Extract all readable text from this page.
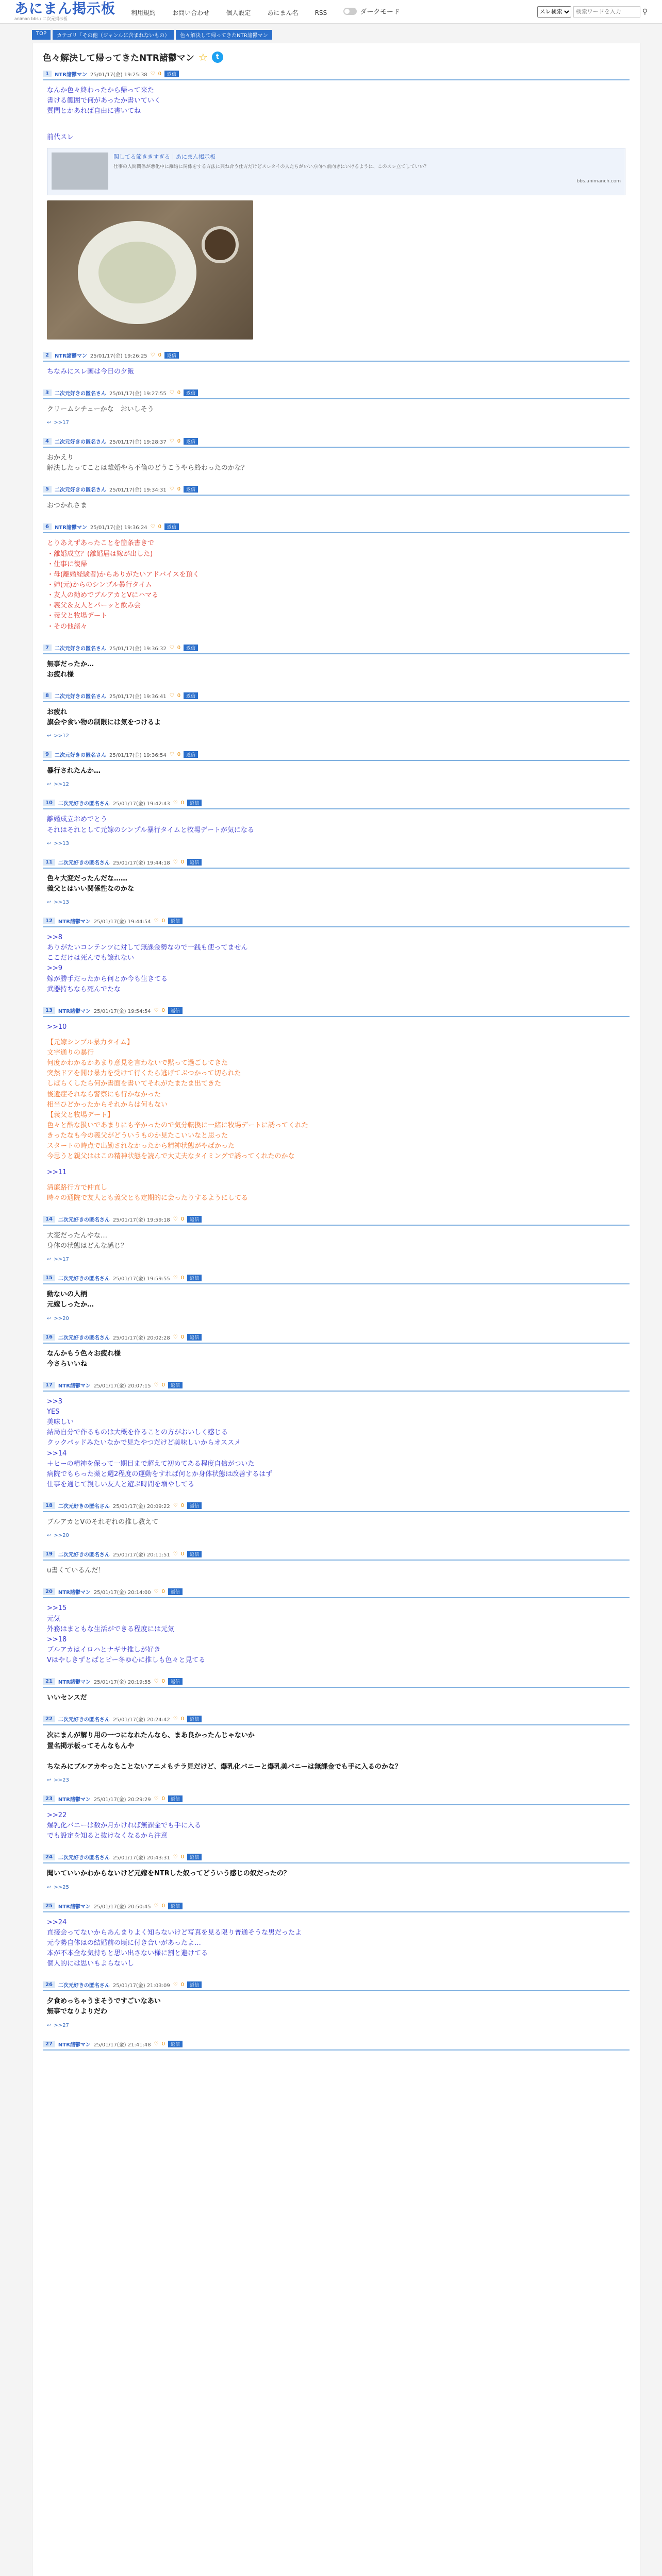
あにまん掲示板
animan bbs / 二次元掲示板
利用規約	お問い合わせ	個人設定	あにまん名	RSS	ダークモード
スレ検索
検索ワードを入力	⚲
TOP	カテゴリ「その他（ジャンルに含まれないもの）	色々解決して帰ってきたNTR諸鬱マン
色々解決して帰ってきたNTR諸鬱マン ☆	t
1	NTR諸鬱マン 25/01/17(金) 19:25:38 ♡ 0	返信
なんか色々終わったから帰って来た
書ける範囲で何があったか書いていく
質問とかあれば自由に書いてね

前代スレ
関してる節ききすぎる｜あにまん掲示板
仕事の人間関係が悪化中に離婚に関係をする方法に兼ね合う仕方だけどスレタイの人たちがいい方向へ前向きにいけるように、このスレ立てしていい？
bbs.animanch.com
2	NTR諸鬱マン 25/01/17(金) 19:26:25 ♡ 0	返信
ちなみにスレ画は今日の夕飯
3	二次元好きの匿名さん 25/01/17(金) 19:27:55 ♡ 0	返信
クリームシチューかな　おいしそう
↩ >>17
4	二次元好きの匿名さん 25/01/17(金) 19:28:37 ♡ 0	返信
おかえり
解決したってことは離婚やら不倫のどうこうやら終わったのかな？
5	二次元好きの匿名さん 25/01/17(金) 19:34:31 ♡ 0	返信
おつかれさま
6	NTR諸鬱マン 25/01/17(金) 19:36:24 ♡ 0	返信
とりあえずあったことを箇条書きで
・離婚成立？(離婚届は嫁が出した)
・仕事に復帰
・母(離婚経験者)からありがたいアドバイスを頂く
・姉(元)からのシンプル暴行タイム
・友人の勧めでブルアカとVにハマる
・義父＆友人とパーッと飲み会
・義父と牧場デート
・その他諸々
7	二次元好きの匿名さん 25/01/17(金) 19:36:32 ♡ 0	返信
無事だったか…
お疲れ様
8	二次元好きの匿名さん 25/01/17(金) 19:36:41 ♡ 0	返信
お疲れ
旗会や食い物の制限には気をつけるよ
↩ >>12
9	二次元好きの匿名さん 25/01/17(金) 19:36:54 ♡ 0	返信
暴行されたんか…
↩ >>12
10	二次元好きの匿名さん 25/01/17(金) 19:42:43 ♡ 0	返信
離婚成立おめでとう
それはそれとして元嫁のシンプル暴行タイムと牧場デートが気になる
↩ >>13
11	二次元好きの匿名さん 25/01/17(金) 19:44:18 ♡ 0	返信
色々大変だったんだな……
義父とはいい関係性なのかな
↩ >>13
12	NTR諸鬱マン 25/01/17(金) 19:44:54 ♡ 0	返信
>>8
ありがたいコンテンツに対して無課金勢なので一銭も使ってません
ここだけは死んでも譲れない
>>9
嫁が勝手だったから何とか今も生きてる
武器持ちなら死んでたな
13	NTR諸鬱マン 25/01/17(金) 19:54:54 ♡ 0	返信
>>10
【元嫁シンプル暴力タイム】
文字通りの暴行
何度かわかるかあまり意見を言わないで黙って過ごしてきた
突然ドアを開け暴力を受けて行くたら逃げてぶつかって切られた
しばらくしたら何か書面を書いてそれがたまたま出てきた
後遺症それなら警察にも行かなかった
相当ひどかったからそれからは何もない
【義父と牧場デート】
色々と酷な扱いであまりにも辛かったので気分転換に一緒に牧場デートに誘ってくれた
きったなも今の義父がどういうものか見たこいいなと思った
スタートの時点で出勤されなかったから精神状態がやばかった
今思うと親父ははこの精神状態を読んで大丈夫なタイミングで誘ってくれたのかな
>>11
清廉路行方で仲直し
時々の通院で友人とも義父とも定期的に会ったりするようにしてる
14	二次元好きの匿名さん 25/01/17(金) 19:59:18 ♡ 0	返信
大変だったんやな…
身体の状態はどんな感じ？
↩ >>17
15	二次元好きの匿名さん 25/01/17(金) 19:59:55 ♡ 0	返信
動ないの人柄
元嫁しったか…
↩ >>20
16	二次元好きの匿名さん 25/01/17(金) 20:02:28 ♡ 0	返信
なんかもう色々お疲れ様
今さらいいね
17	NTR諸鬱マン 25/01/17(金) 20:07:15 ♡ 0	返信
>>3
YES
美味しい
結局自分で作るものは大概を作ることの方がおいしく感じる
クックパッドみたいなかで見たやつだけど美味しいからオススメ
>>14
＋ヒーの精神を保って一期目まで超えて初めてある程度自信がついた
病院でもらった薬と週2程度の運動をすれば何とか身体状態は改善するはず
仕事を通じて親しい友人と遊ぶ時間を増やしてる
18	二次元好きの匿名さん 25/01/17(金) 20:09:22 ♡ 0	返信
ブルアカとVのそれぞれの推し教えて
↩ >>20
19	二次元好きの匿名さん 25/01/17(金) 20:11:51 ♡ 0	返信
u書くているんだ！
20	NTR諸鬱マン 25/01/17(金) 20:14:00 ♡ 0	返信
>>15
元気
外務はまともな生活ができる程度には元気
>>18
ブルアカはイロハとナギサ推しが好き
Vはやしきずとぱとピー冬ゆ心に推しも色々と見てる
21	NTR諸鬱マン 25/01/17(金) 20:19:55 ♡ 0	返信
いいセンスだ
22	二次元好きの匿名さん 25/01/17(金) 20:24:42 ♡ 0	返信
次にまんが解り用の一つになれたんなら、まあ良かったんじゃないか
置名掲示板ってそんなもんや

ちなみにブルアカやったことないアニメもチラ見だけど、爆乳化バニーと爆乳美バニーは無課金でも手に入るのかな？
↩ >>23
23	NTR諸鬱マン 25/01/17(金) 20:29:29 ♡ 0	返信
>>22
爆乳化バニーは数か月かければ無課金でも手に入る
でも設定を知ると抜けなくなるから注意
24	二次元好きの匿名さん 25/01/17(金) 20:43:31 ♡ 0	返信
聞いていいかわからないけど元嫁をNTRした奴ってどういう感じの奴だったの？
↩ >>25
25	NTR諸鬱マン 25/01/17(金) 20:50:45 ♡ 0	返信
>>24
直接会ってないからあんまりよく知らないけど写真を見る限り普通そうな男だったよ
元今勢自体はの結婚前の頃に付き合いがあったよ…
本が不本全な気持ちと思い出さない様に割と避けてる
個人的には思いもよらないし
26	二次元好きの匿名さん 25/01/17(金) 21:03:09 ♡ 0	返信
夕食めっちゃうまそうですごいなあい
無事でなりよりだわ
↩ >>27
27	NTR諸鬱マン 25/01/17(金) 21:41:48 ♡ 0	返信
